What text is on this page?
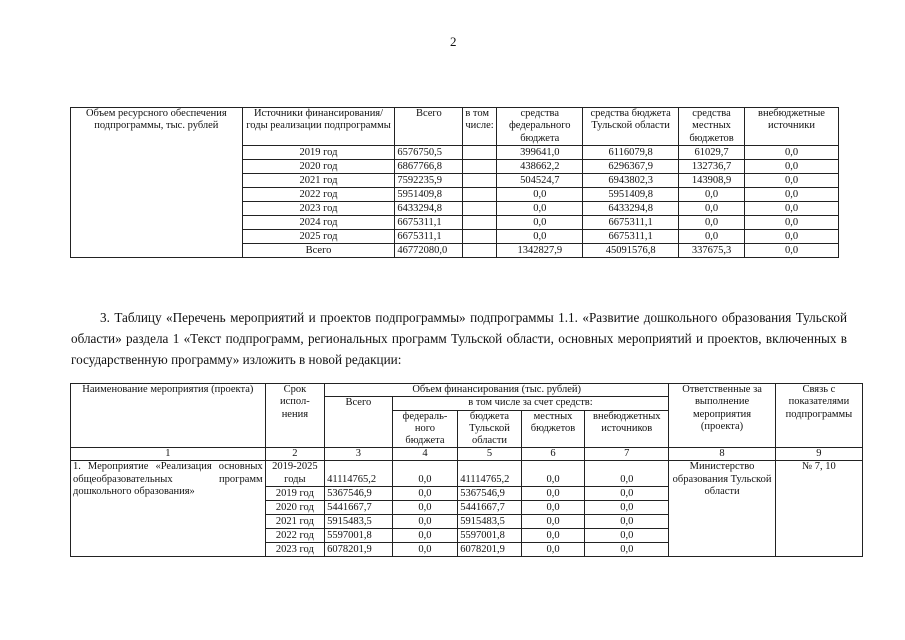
2
Объем ресурсного обеспечения подпрограммы, тыс. рублей	Источники финансирования/годы реализации подпрограммы	Всего	в том числе:	средства федерального бюджета	средства бюджета Тульской области	средства местных бюджетов	внебюджетные источники
	2019 год	6576750,5		399641,0	6116079,8	61029,7	0,0
	2020 год	6867766,8		438662,2	6296367,9	132736,7	0,0
	2021 год	7592235,9		504524,7	6943802,3	143908,9	0,0
	2022 год	5951409,8		0,0	5951409,8	0,0	0,0
	2023 год	6433294,8		0,0	6433294,8	0,0	0,0
	2024 год	6675311,1		0,0	6675311,1	0,0	0,0
	2025 год	6675311,1		0,0	6675311,1	0,0	0,0
	Всего	46772080,0		1342827,9	45091576,8	337675,3	0,0

3. Таблицу «Перечень мероприятий и проектов подпрограммы» подпрограммы 1.1. «Развитие дошкольного образования Тульской области» раздела 1 «Текст подпрограмм, региональных программ Тульской области, основных мероприятий и проектов, включенных в государственную программу» изложить в новой редакции:

Наименование мероприятия (проекта)	Срок испол-нения	Объем финансирования (тыс. рублей)					Ответственные за выполнение мероприятия (проекта)	Связь с показателями подпрограммы
		Всего	в том числе за счет средств:					
			федераль-ного бюджета	бюджета Тульской области	местных бюджетов	внебюджетных источников		
1	2	3	4	5	6	7	8	9
1. Мероприятие «Реализация основных общеобразовательных программ дошкольного образования»	2019-2025 годы	41114765,2	0,0	41114765,2	0,0	0,0	Министерство образования Тульской области	№ 7, 10
	2019 год	5367546,9	0,0	5367546,9	0,0	0,0		
	2020 год	5441667,7	0,0	5441667,7	0,0	0,0		
	2021 год	5915483,5	0,0	5915483,5	0,0	0,0		
	2022 год	5597001,8	0,0	5597001,8	0,0	0,0		
	2023 год	6078201,9	0,0	6078201,9	0,0	0,0		
